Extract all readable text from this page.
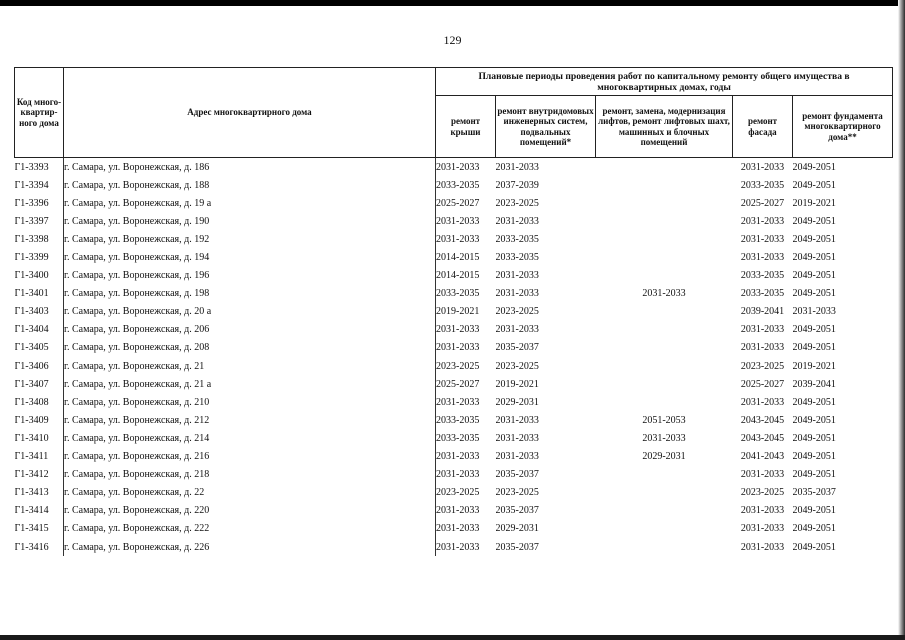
129
Код много-квартир-ного дома	Адрес многоквартирного дома	Плановые периоды проведения работ по капитальному ремонту общего имущества в многоквартирных домах, годы				
		ремонт крыши	ремонт внутридомовых инженерных систем, подвальных помещений*	ремонт, замена, модернизация лифтов, ремонт лифтовых шахт, машинных и блочных помещений	ремонт фасада	ремонт фундамента многоквартирного дома**
Г1-3393	г. Самара, ул. Воронежская, д. 186	2031-2033	2031-2033		2031-2033	2049-2051
Г1-3394	г. Самара, ул. Воронежская, д. 188	2033-2035	2037-2039		2033-2035	2049-2051
Г1-3396	г. Самара, ул. Воронежская, д. 19 а	2025-2027	2023-2025		2025-2027	2019-2021
Г1-3397	г. Самара, ул. Воронежская, д. 190	2031-2033	2031-2033		2031-2033	2049-2051
Г1-3398	г. Самара, ул. Воронежская, д. 192	2031-2033	2033-2035		2031-2033	2049-2051
Г1-3399	г. Самара, ул. Воронежская, д. 194	2014-2015	2033-2035		2031-2033	2049-2051
Г1-3400	г. Самара, ул. Воронежская, д. 196	2014-2015	2031-2033		2033-2035	2049-2051
Г1-3401	г. Самара, ул. Воронежская, д. 198	2033-2035	2031-2033	2031-2033	2033-2035	2049-2051
Г1-3403	г. Самара, ул. Воронежская, д. 20 а	2019-2021	2023-2025		2039-2041	2031-2033
Г1-3404	г. Самара, ул. Воронежская, д. 206	2031-2033	2031-2033		2031-2033	2049-2051
Г1-3405	г. Самара, ул. Воронежская, д. 208	2031-2033	2035-2037		2031-2033	2049-2051
Г1-3406	г. Самара, ул. Воронежская, д. 21	2023-2025	2023-2025		2023-2025	2019-2021
Г1-3407	г. Самара, ул. Воронежская, д. 21 а	2025-2027	2019-2021		2025-2027	2039-2041
Г1-3408	г. Самара, ул. Воронежская, д. 210	2031-2033	2029-2031		2031-2033	2049-2051
Г1-3409	г. Самара, ул. Воронежская, д. 212	2033-2035	2031-2033	2051-2053	2043-2045	2049-2051
Г1-3410	г. Самара, ул. Воронежская, д. 214	2033-2035	2031-2033	2031-2033	2043-2045	2049-2051
Г1-3411	г. Самара, ул. Воронежская, д. 216	2031-2033	2031-2033	2029-2031	2041-2043	2049-2051
Г1-3412	г. Самара, ул. Воронежская, д. 218	2031-2033	2035-2037		2031-2033	2049-2051
Г1-3413	г. Самара, ул. Воронежская, д. 22	2023-2025	2023-2025		2023-2025	2035-2037
Г1-3414	г. Самара, ул. Воронежская, д. 220	2031-2033	2035-2037		2031-2033	2049-2051
Г1-3415	г. Самара, ул. Воронежская, д. 222	2031-2033	2029-2031		2031-2033	2049-2051
Г1-3416	г. Самара, ул. Воронежская, д. 226	2031-2033	2035-2037		2031-2033	2049-2051
